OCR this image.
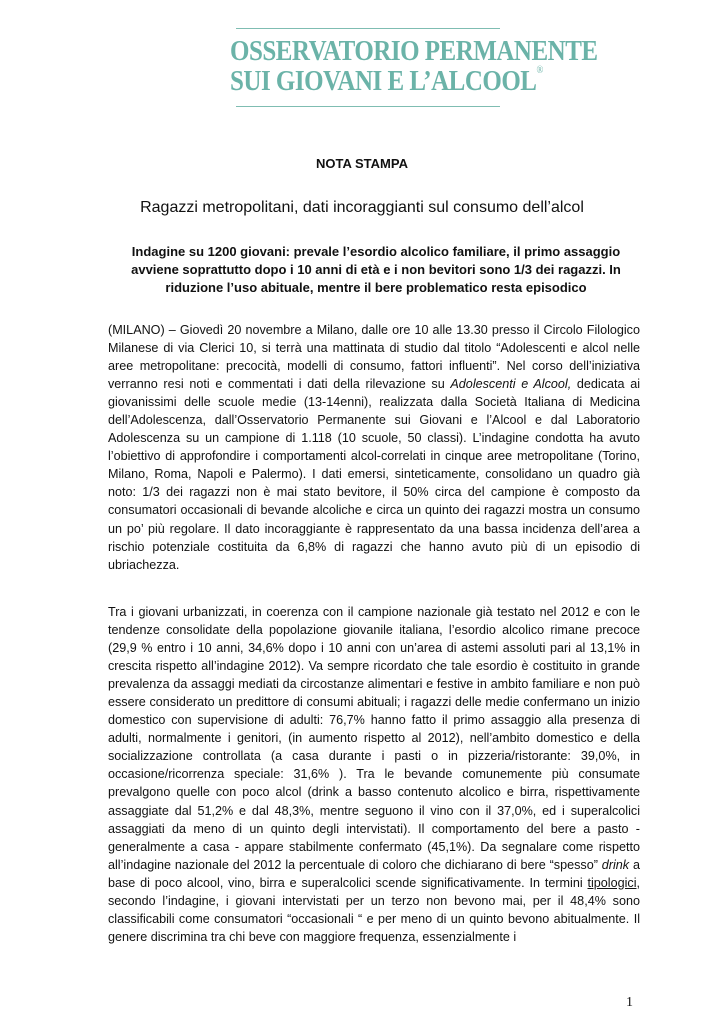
OSSERVATORIO PERMANENTE
SUI GIOVANI E L’ALCOOL®
NOTA STAMPA
Ragazzi metropolitani, dati incoraggianti sul consumo dell’alcol
Indagine su 1200 giovani: prevale l’esordio alcolico familiare, il primo assaggio avviene soprattutto dopo i 10 anni di età e i non bevitori sono 1/3 dei ragazzi. In riduzione l’uso abituale, mentre il bere problematico resta episodico

(MILANO) – Giovedì 20 novembre a Milano, dalle ore 10 alle 13.30 presso il Circolo Filologico Milanese di via Clerici 10, si terrà una mattinata di studio dal titolo “Adolescenti e alcol nelle aree metropolitane: precocità, modelli di consumo, fattori influenti”. Nel corso dell’iniziativa verranno resi noti e commentati i dati della rilevazione su Adolescenti e Alcool, dedicata ai giovanissimi delle scuole medie (13-14enni), realizzata dalla Società Italiana di Medicina dell’Adolescenza, dall’Osservatorio Permanente sui Giovani e l’Alcool e dal Laboratorio Adolescenza su un campione di 1.118 (10 scuole, 50 classi). L’indagine condotta ha avuto l’obiettivo di approfondire i comportamenti alcol-correlati in cinque aree metropolitane (Torino, Milano, Roma, Napoli e Palermo). I dati emersi, sinteticamente, consolidano un quadro già noto: 1/3 dei ragazzi non è mai stato bevitore, il 50% circa del campione è composto da consumatori occasionali di bevande alcoliche e circa un quinto dei ragazzi mostra un consumo un po’ più regolare. Il dato incoraggiante è rappresentato da una bassa incidenza dell’area a rischio potenziale costituita da 6,8% di ragazzi che hanno avuto più di un episodio di ubriachezza.

Tra i giovani urbanizzati, in coerenza con il campione nazionale già testato nel 2012 e con le tendenze consolidate della popolazione giovanile italiana, l’esordio alcolico rimane precoce (29,9 % entro i 10 anni, 34,6% dopo i 10 anni con un’area di astemi assoluti pari al 13,1% in crescita rispetto all’indagine 2012). Va sempre ricordato che tale esordio è costituito in grande prevalenza da assaggi mediati da circostanze alimentari e festive in ambito familiare e non può essere considerato un predittore di consumi abituali; i ragazzi delle medie confermano un inizio domestico con supervisione di adulti: 76,7% hanno fatto il primo assaggio alla presenza di adulti, normalmente i genitori, (in aumento rispetto al 2012), nell’ambito domestico e della socializzazione controllata (a casa durante i pasti o in pizzeria/ristorante: 39,0%, in occasione/ricorrenza speciale: 31,6% ). Tra le bevande comunemente più consumate prevalgono quelle con poco alcol (drink a basso contenuto alcolico e birra, rispettivamente assaggiate dal 51,2% e dal 48,3%, mentre seguono il vino con il 37,0%, ed i superalcolici assaggiati da meno di un quinto degli intervistati). Il comportamento del bere a pasto - generalmente a casa - appare stabilmente confermato (45,1%). Da segnalare come rispetto all’indagine nazionale del 2012 la percentuale di coloro che dichiarano di bere “spesso” drink a base di poco alcool, vino, birra e superalcolici scende significativamente. In termini tipologici, secondo l’indagine, i giovani intervistati per un terzo non bevono mai, per il 48,4% sono classificabili come consumatori “occasionali “ e per meno di un quinto bevono abitualmente. Il genere discrimina tra chi beve con maggiore frequenza, essenzialmente i

1
